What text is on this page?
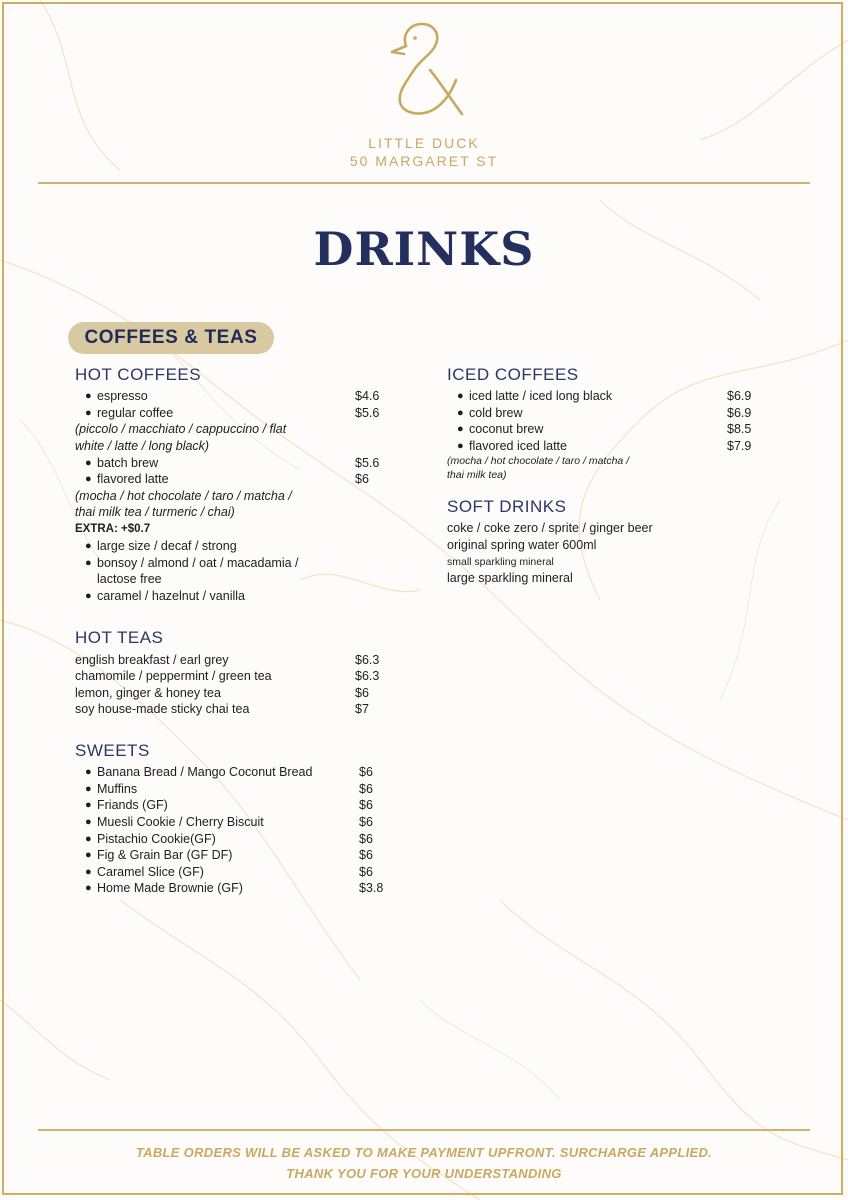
LITTLE DUCK
50 MARGARET ST
DRINKS
COFFEES & TEAS
HOT COFFEES
● espresso	$4.6
● regular coffee	$5.6
(piccolo / macchiato / cappuccino / flat
white / latte / long black)
● batch brew	$5.6
● flavored latte	$6
(mocha / hot chocolate / taro / matcha /
thai milk tea / turmeric / chai)
EXTRA: +$0.7
● large size / decaf / strong
● bonsoy / almond / oat / macadamia /
lactose free
● caramel / hazelnut / vanilla
HOT TEAS
english breakfast / earl grey	$6.3
chamomile / peppermint / green tea	$6.3
lemon, ginger & honey tea	$6
soy house-made sticky chai tea	$7
SWEETS
● Banana Bread / Mango Coconut Bread	$6
● Muffins	$6
● Friands (GF)	$6
● Muesli Cookie / Cherry Biscuit	$6
● Pistachio Cookie(GF)	$6
● Fig & Grain Bar (GF DF)	$6
● Caramel Slice (GF)	$6
● Home Made Brownie (GF)	$3.8
ICED COFFEES
● iced latte / iced long black	$6.9
● cold brew	$6.9
● coconut brew	$8.5
● flavored iced latte	$7.9
(mocha / hot chocolate / taro / matcha /
thai milk tea)
SOFT DRINKS
coke / coke zero / sprite / ginger beer
original spring water 600ml
small sparkling mineral
large sparkling mineral
TABLE ORDERS WILL BE ASKED TO MAKE PAYMENT UPFRONT. SURCHARGE APPLIED.
THANK YOU FOR YOUR UNDERSTANDING
